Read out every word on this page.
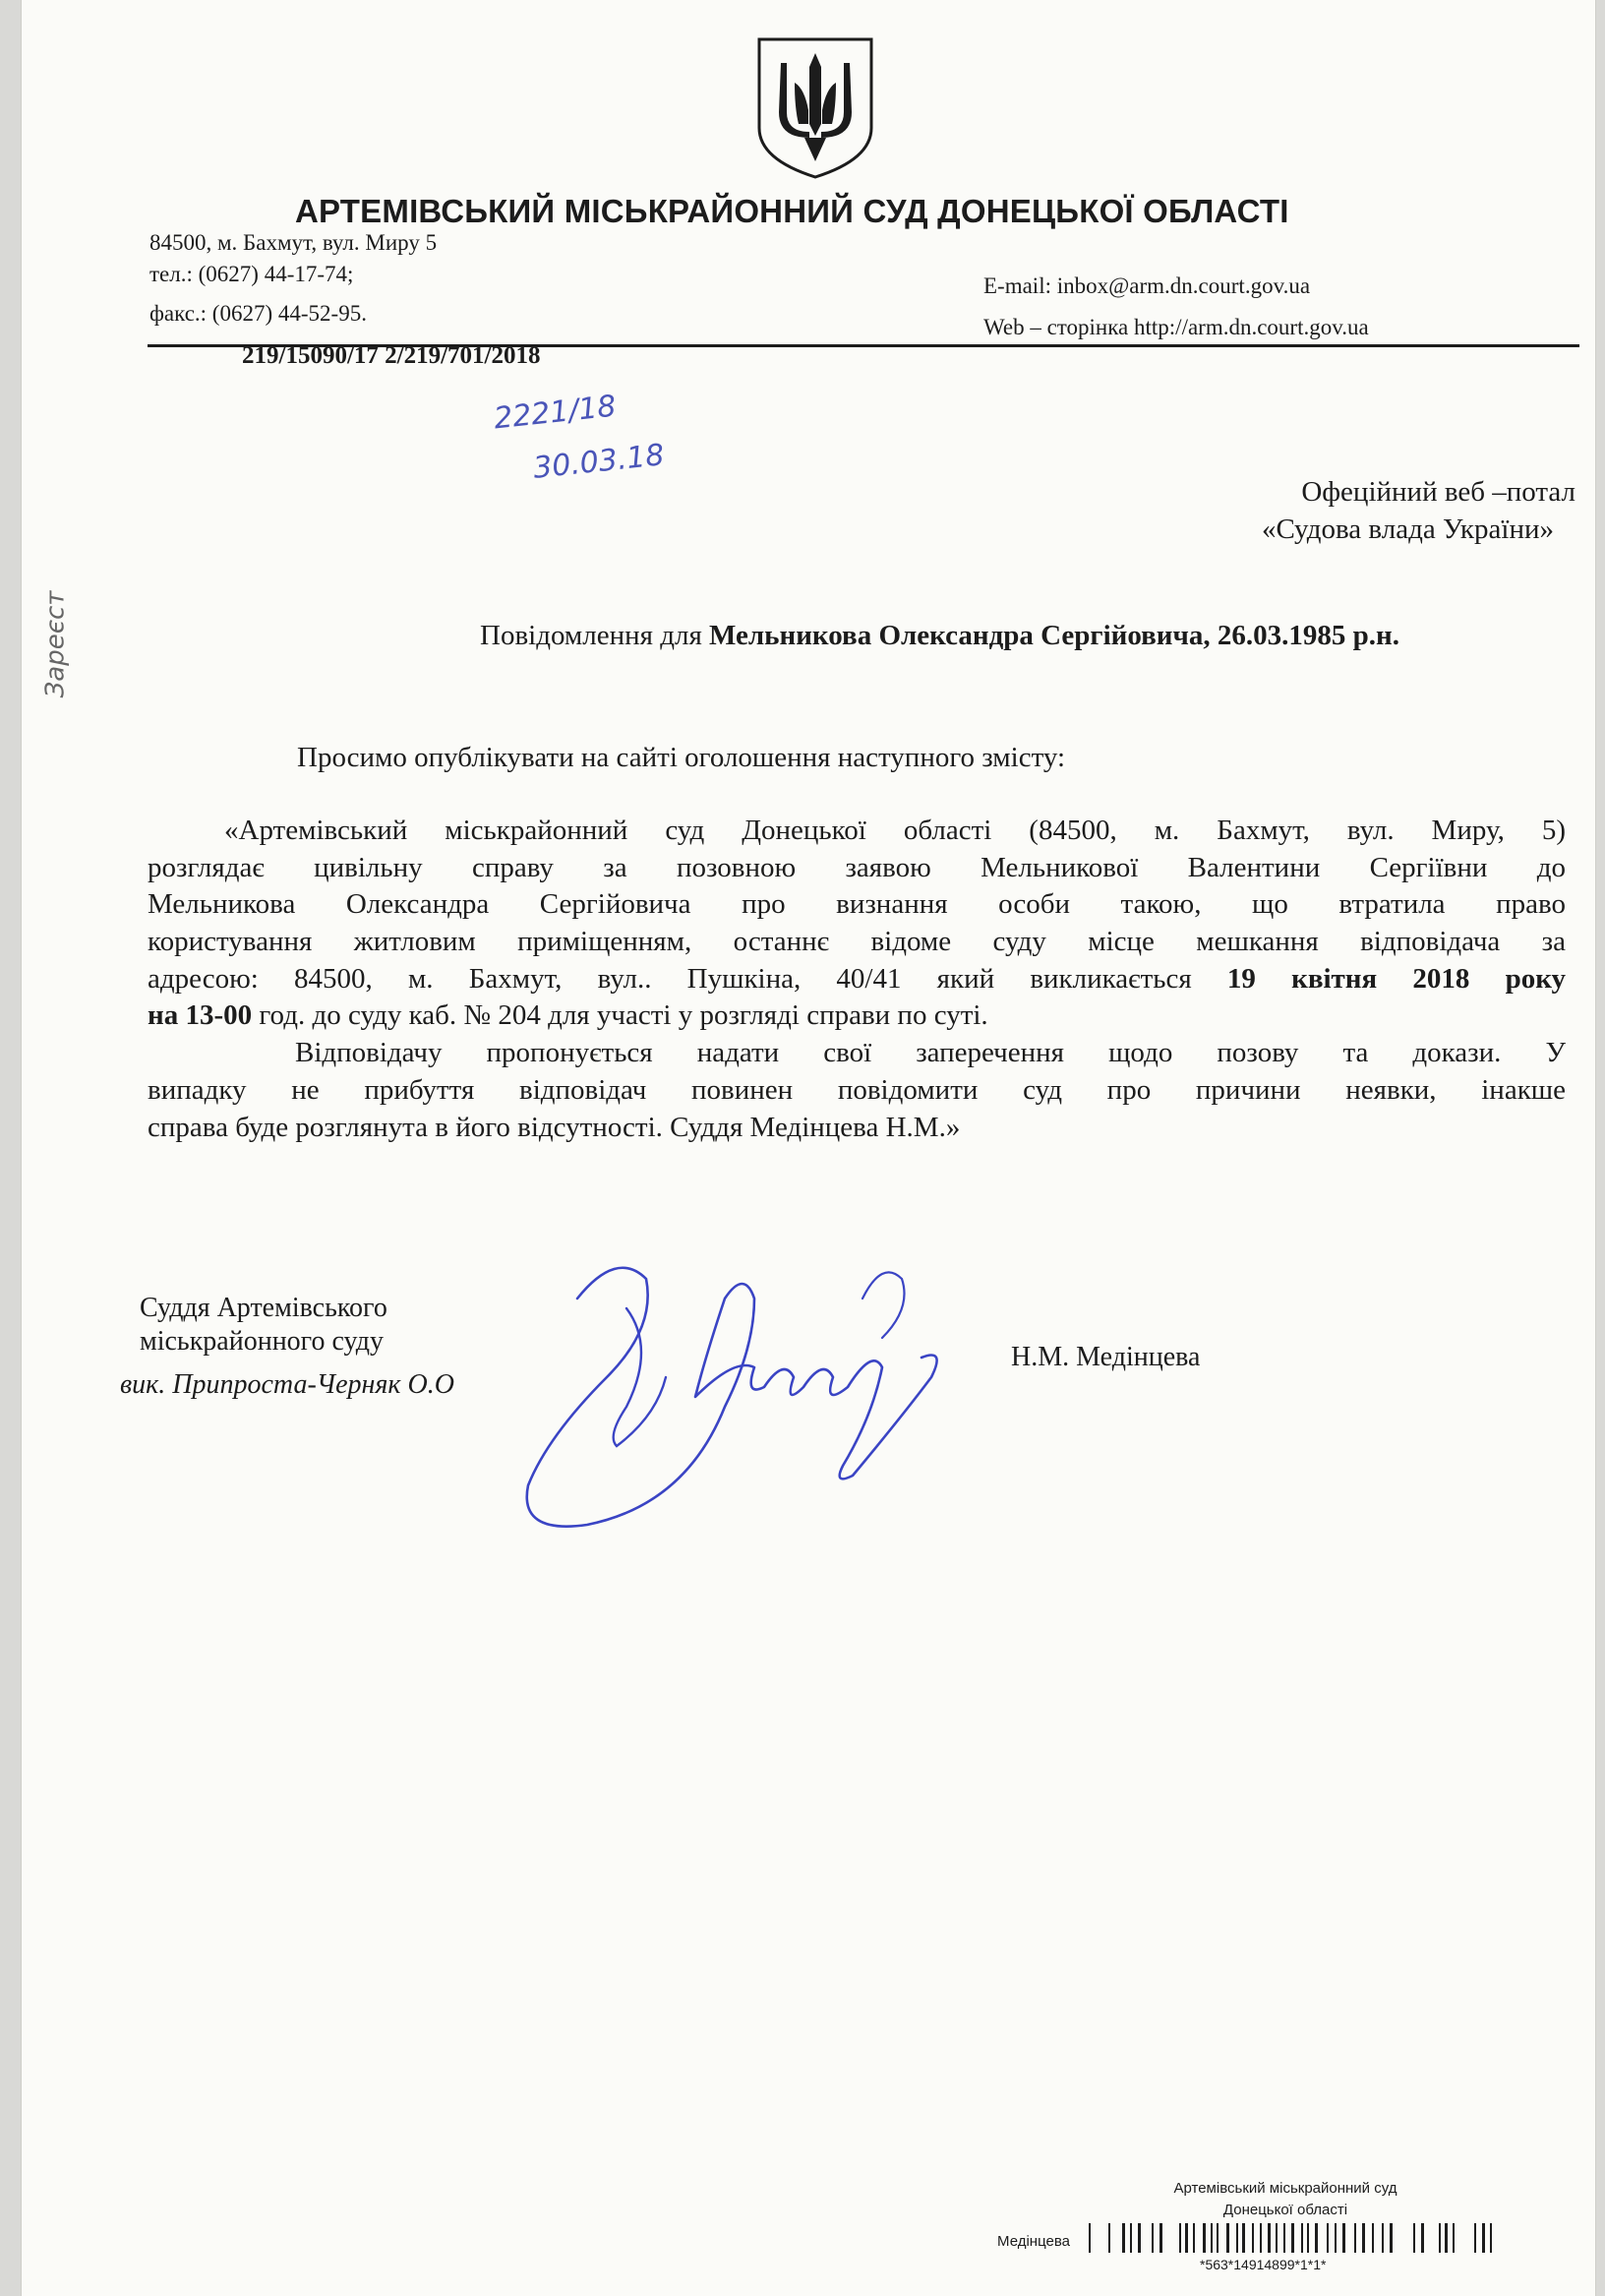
АРТЕМІВСЬКИЙ МІСЬКРАЙОННИЙ СУД ДОНЕЦЬКОЇ ОБЛАСТІ
84500, м. Бахмут, вул. Миру 5
тел.: (0627) 44-17-74;
факс.: (0627) 44-52-95.
E-mail: inbox@arm.dn.court.gov.ua
Web – сторінка http://arm.dn.court.gov.ua
219/15090/17 2/219/701/2018
2221/18
30.03.18
Зареєст
Офеційний веб –потал
«Судова влада України»
Повідомлення для Мельникова Олександра Сергійовича, 26.03.1985 р.н.
Просимо опублікувати на сайті оголошення наступного змісту:
«Артемівський міськрайонний суд Донецької області (84500, м. Бахмут, вул. Миру, 5)
розглядає цивільну справу за позовною заявою Мельникової Валентини Сергіївни до
Мельникова Олександра Сергійовича про визнання особи такою, що втратила право
користування житловим приміщенням, останнє відоме суду місце мешкання відповідача за
адресою: 84500, м. Бахмут, вул.. Пушкіна, 40/41 який викликається 19 квітня 2018 року
на 13-00 год. до суду каб. № 204 для участі у розгляді справи по суті.
Відповідачу пропонується надати свої заперечення щодо позову та докази. У
випадку не прибуття відповідач повинен повідомити суд про причини неявки, інакше
справа буде розглянута в його відсутності. Суддя Медінцева Н.М.»
Суддя Артемівського
міськрайонного суду
вик. Припроста-Черняк О.О
Н.М. Медінцева
Артемівський міськрайонний суд
Донецької області
Медінцева
*563*14914899*1*1*
